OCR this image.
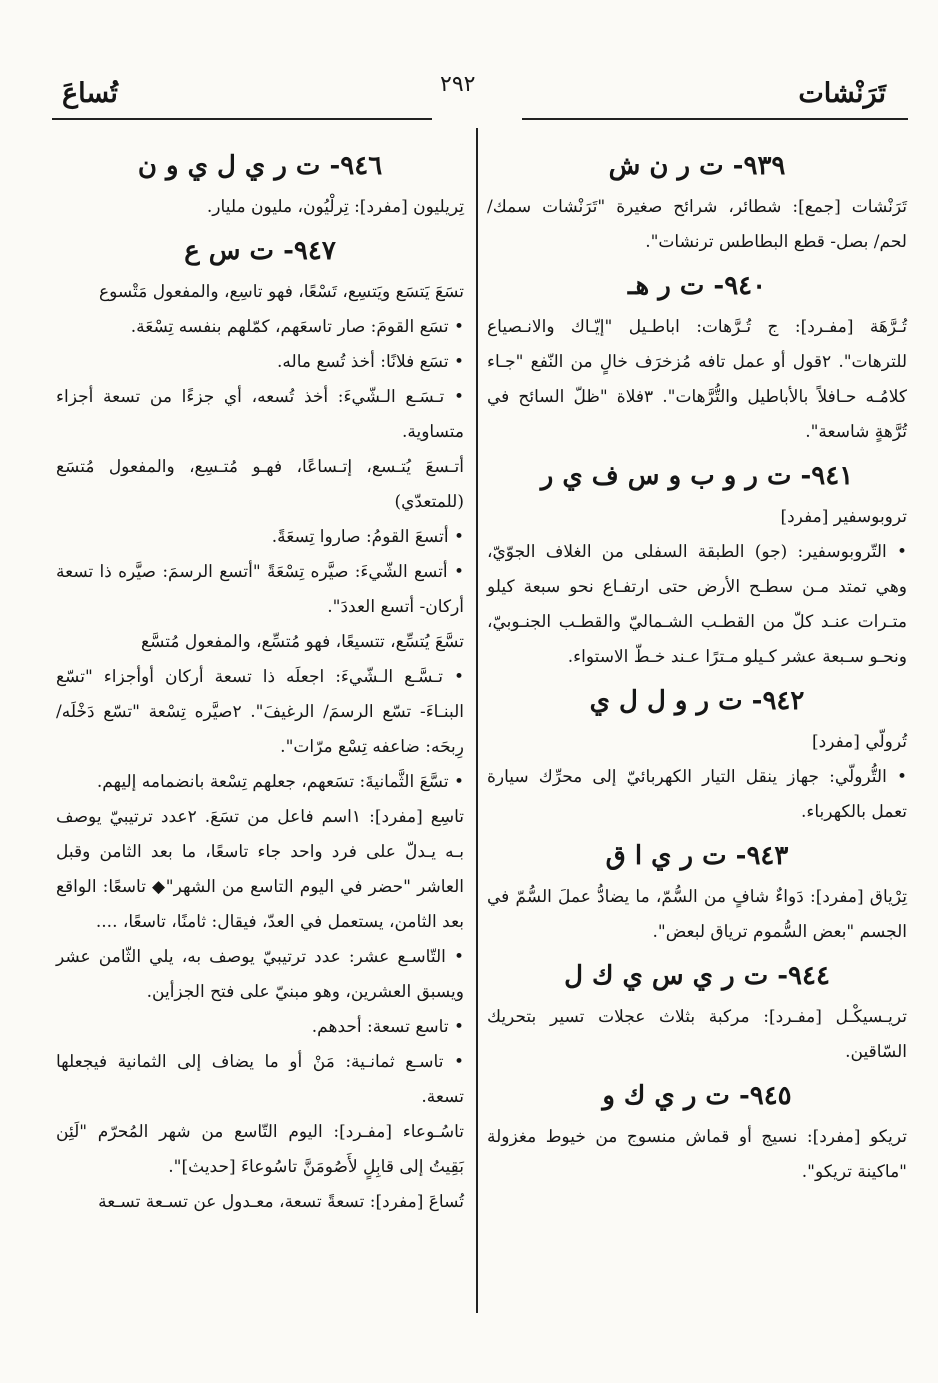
تَرَنْشات
٢٩٢
تُساعَ
٩٣٩- ت ر ن ش

تَرَنْشات [جمع]: شطائر، شرائح صغيرة "تَرَنْشات سمك/ لحم/ بصل- قطع البطاطس ترنشات".

٩٤٠- ت ر هـ

تُـرَّهَة [مفـرد]: ج تُـرَّهات: اباطـيل "إيّـاك والانـصياع للترهات". ٢قول أو عمل تافه مُزخرَف خالٍ من النّفع "جـاء كلامُـه حـافلاً بالأباطيل والتُّرَّهات". ٣فلاة "ظلّ السائح في تُرَّهةٍ شاسعة".

٩٤١- ت ر و ب و س ف ي ر

تروبوسفير [مفرد]

• التّروبوسفير: (جو) الطبقة السفلى من الغلاف الجوّيّ، وهي تمتد مـن سطـح الأرض حتى ارتفـاع نحو سبعة كيلو متـرات عنـد كلّ من القطـب الشـماليّ والقطـب الجنـوبيّ، ونحـو سـبعة عشر كـيلو مـترًا عـند خـطّ الاستواء.

٩٤٢- ت ر و ل ل ي

تُرولّي [مفرد]

• التُّرولّي: جهاز ينقل التيار الكهربائيّ إلى محرِّك سيارة تعمل بالكهرباء.

٩٤٣- ت ر ي ا ق

تِرْياق [مفرد]: دَواءٌ شافٍ من السُّمّ، ما يضادُّ عملَ السُّمّ في الجسم "بعض السُّموم ترياق لبعض".

٩٤٤- ت ر ي س ي ك ل

تريـسيكْـل [مفـرد]: مركبة بثلاث عجلات تسير بتحريك السّاقين.

٩٤٥- ت ر ي ك و

تريكو [مفرد]: نسيج أو قماش منسوج من خيوط مغزولة "ماكينة تريكو".

٩٤٦- ت ر ي ل ي و ن

تِريليون [مفرد]: تِرلْيُون، مليون مليار.

٩٤٧- ت س ع

تسَعَ يَتسَع ويَتسِع، تَسْعًا، فهو تاسِع، والمفعول مَتْسوع

• تسَع القومَ: صار تاسعَهم، كمّلهم بنفسه تِسْعَة.

• تسَع فلانًا: أخذ تُسع ماله.

• تـسَـع الـشّيءَ: أخذ تُسعه، أي جزءًا من تسعة أجزاء متساوية.

أتـسعَ يُتـسع، إتـساعًا، فهـو مُتـسِع، والمفعول مُتسَع (للمتعدّي)

• أتسعَ القومُ: صاروا تِسعَةً.

• أتسع الشّيءَ: صيَّره تِسْعَةً "أتسع الرسمَ: صيَّره ذا تسعة أركان- أتسع العددَ".

تسَّعَ يُتسِّع، تتسيعًا، فهو مُتسِّع، والمفعول مُتسَّع

• تـسَّـع الـشّيءَ: اجعلَه ذا تسعة أركان أوأجزاء "تسّع البنـاءَ- تسّع الرسمَ/ الرغيفَ". ٢صيَّره تِسْعة "تسّع دَخْلَه/ رِبحَه: ضاعفه تِسْع مرّات".

• تسَّعَ الثَّمانيةَ: تسَعهم، جعلهم تِسْعة بانضمامه إليهم.

تاسِع [مفرد]: ١اسم فاعل من تسَعَ. ٢عدد ترتيبيّ يوصف بـه يـدلّ على فرد واحد جاء تاسعًا، ما بعد الثامن وقبل العاشر "حضر في اليوم التاسع من الشهر"◆ تاسعًا: الواقع بعد الثامن، يستعمل في العدّ، فيقال: ثامنًا، تاسعًا، ....

• التّاسـع عشر: عدد ترتيبيّ يوصف به، يلي الثّامن عشر ويسبق العشرين، وهو مبنيّ على فتح الجزأين.

• تاسع تسعة: أحدهم.

• تاسـع ثمانـية: مَنْ أو ما يضاف إلى الثمانية فيجعلها تسعة.

تاسُـوعاء [مفـرد]: اليوم التّاسع من شهر المُحرّم "لَئِن بَقِيتُ إلى قابِلٍ لأَصُومَنَّ تاسُوعاءَ [حديث]".

تُساعَ [مفرد]: تسعةً تسعة، معـدول عن تسـعة تسـعة
